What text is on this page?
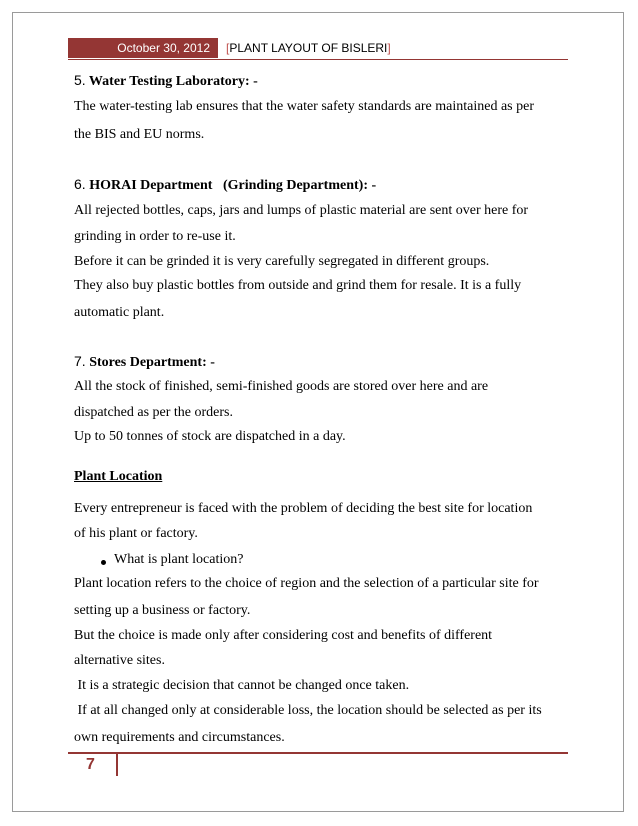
October 30, 2012	[PLANT LAYOUT OF BISLERI]
5. Water Testing Laboratory: -
The water-testing lab ensures that the water safety standards are maintained as per
the BIS and EU norms.
6. HORAI Department   (Grinding Department): -
All rejected bottles, caps, jars and lumps of plastic material are sent over here for
grinding in order to re-use it.
Before it can be grinded it is very carefully segregated in different groups.
They also buy plastic bottles from outside and grind them for resale. It is a fully
automatic plant.
7. Stores Department: -
All the stock of finished, semi-finished goods are stored over here and are
dispatched as per the orders.
Up to 50 tonnes of stock are dispatched in a day.
Plant Location
Every entrepreneur is faced with the problem of deciding the best site for location
of his plant or factory.
What is plant location?
Plant location refers to the choice of region and the selection of a particular site for
setting up a business or factory.
But the choice is made only after considering cost and benefits of different
alternative sites.
It is a strategic decision that cannot be changed once taken.
If at all changed only at considerable loss, the location should be selected as per its
own requirements and circumstances.
7
